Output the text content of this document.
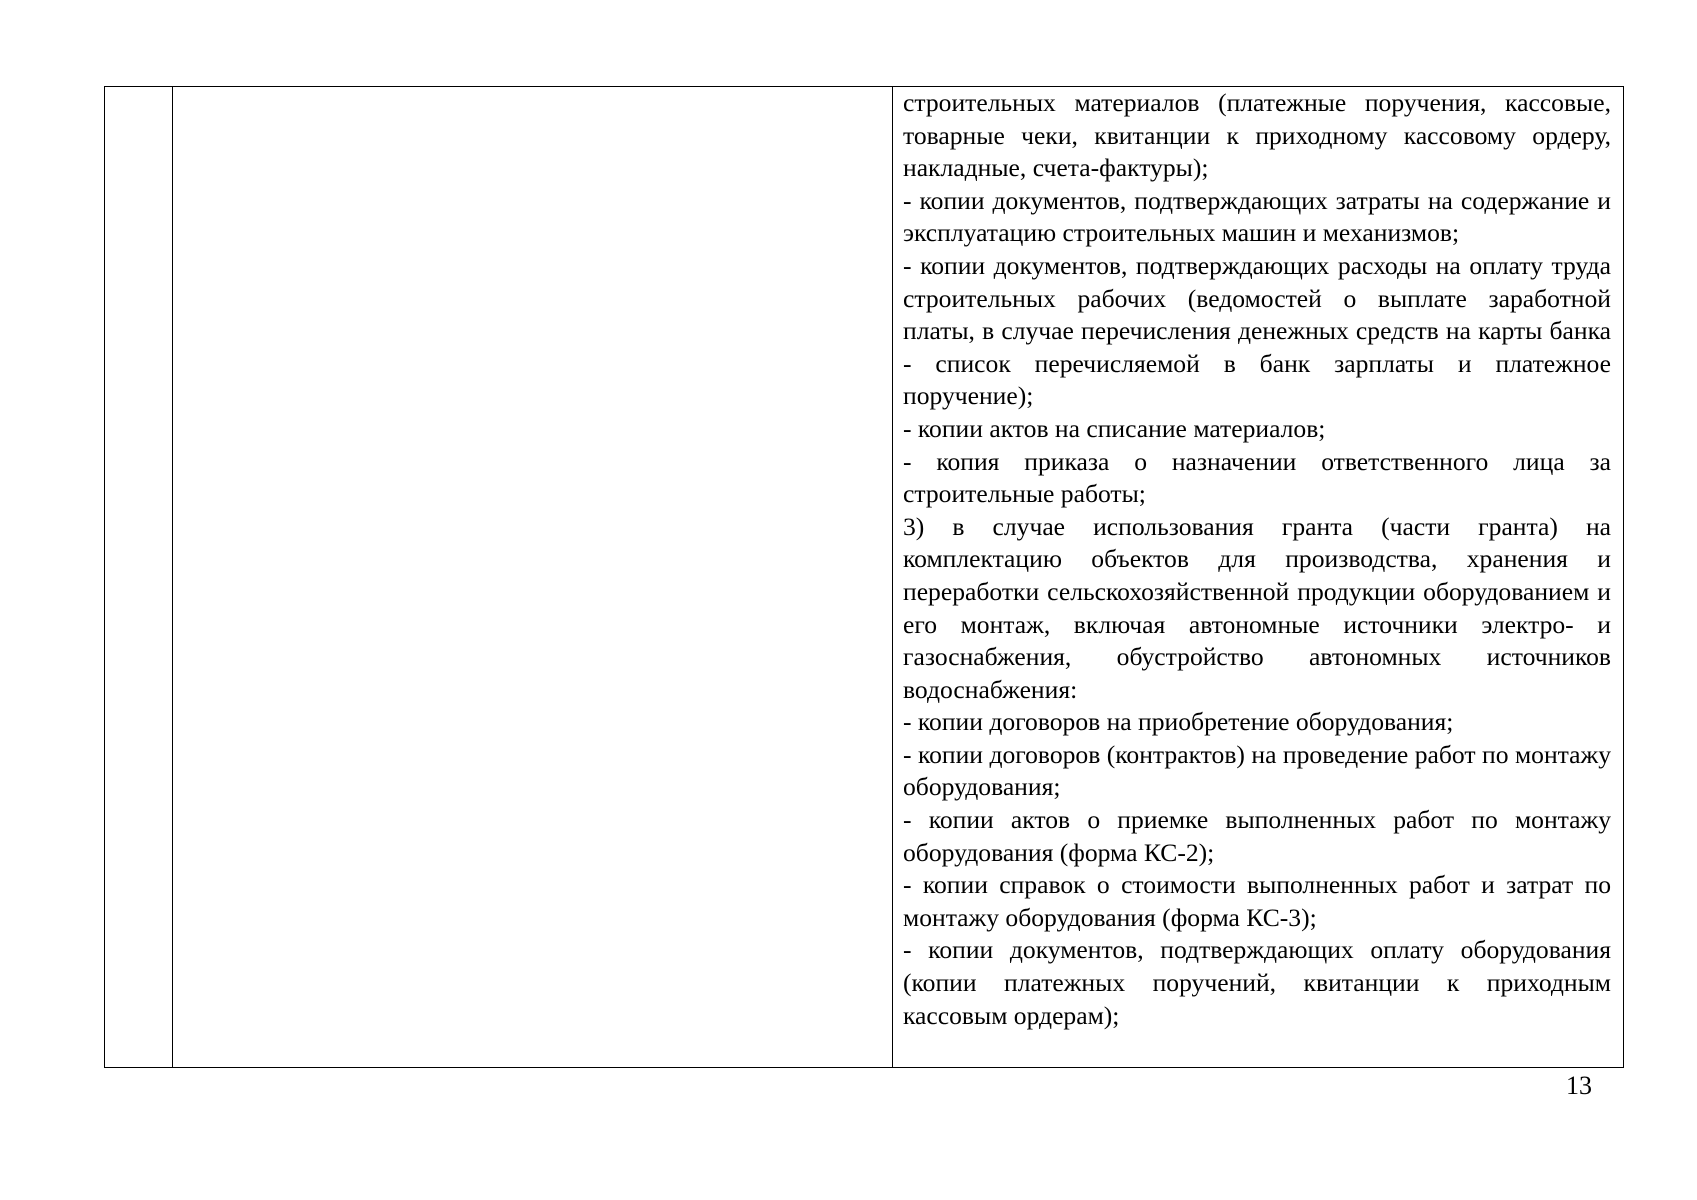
строительных материалов (платежные поручения, кассовые, товарные чеки, квитанции к приходному кассовому ордеру, накладные, счета-фактуры);

- копии документов, подтверждающих затраты на содержание и эксплуатацию строительных машин и механизмов;

- копии документов, подтверждающих расходы на оплату труда строительных рабочих (ведомостей о выплате заработной платы, в случае перечисления денежных средств на карты банка - список перечисляемой в банк зарплаты и платежное поручение);

- копии актов на списание материалов;

- копия приказа о назначении ответственного лица за строительные работы;

3) в случае использования гранта (части гранта) на комплектацию объектов для производства, хранения и переработки сельскохозяйственной продукции оборудованием и его монтаж, включая автономные источники электро- и газоснабжения, обустройство автономных источников водоснабжения:

- копии договоров на приобретение оборудования;

- копии договоров (контрактов) на проведение работ по монтажу оборудования;

- копии актов о приемке выполненных работ по монтажу оборудования (форма КС-2);

- копии справок о стоимости выполненных работ и затрат по монтажу оборудования (форма КС-3);

- копии документов, подтверждающих оплату оборудования (копии платежных поручений, квитанции к приходным кассовым ордерам);

13
